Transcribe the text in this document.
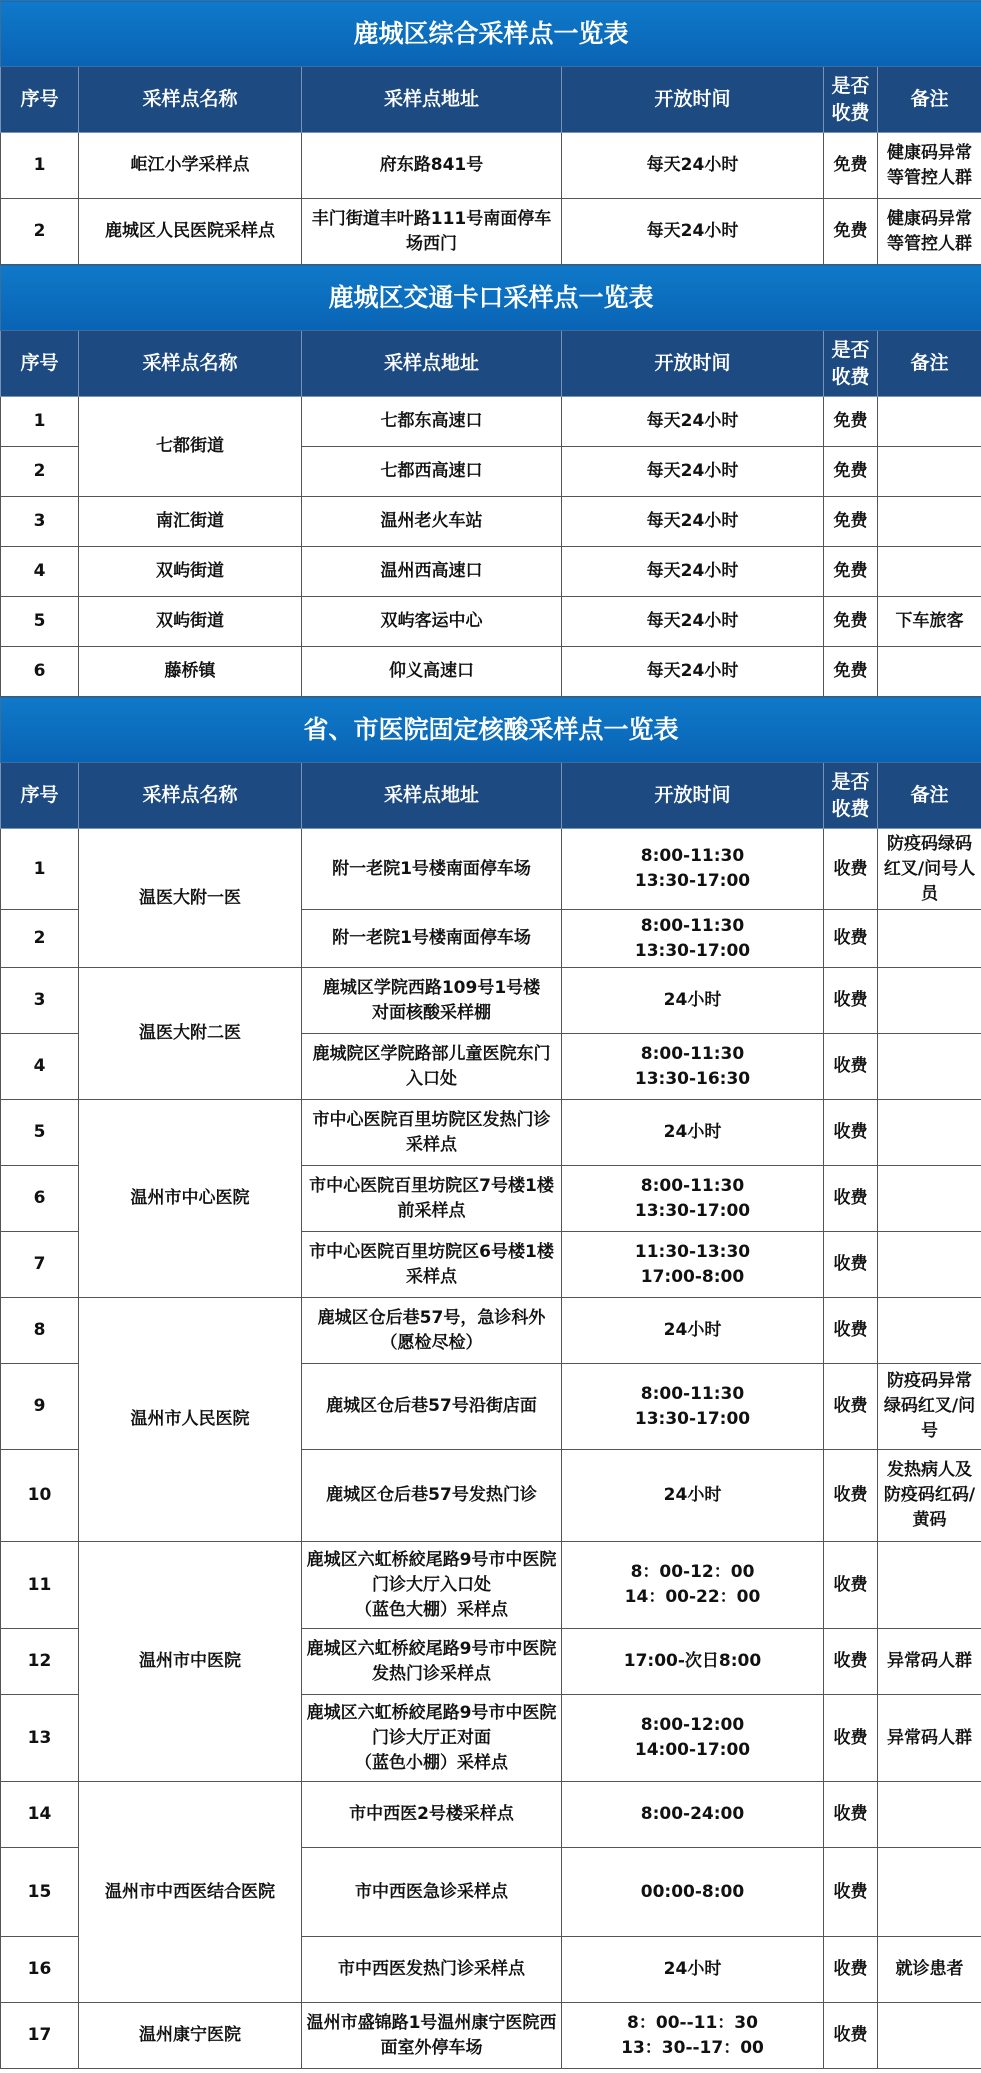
鹿城区综合采样点一览表					
序号	采样点名称	采样点地址	开放时间	是否收费	备注
1	岠江小学采样点	府东路841号	每天24小时	免费	健康码异常等管控人群
2	鹿城区人民医院采样点	丰门街道丰叶路111号南面停车场西门	每天24小时	免费	健康码异常等管控人群
鹿城区交通卡口采样点一览表					
序号	采样点名称	采样点地址	开放时间	是否收费	备注
1	七都街道	七都东高速口	每天24小时	免费	
2		七都西高速口	每天24小时	免费	
3	南汇街道	温州老火车站	每天24小时	免费	
4	双屿街道	温州西高速口	每天24小时	免费	
5	双屿街道	双屿客运中心	每天24小时	免费	下车旅客
6	藤桥镇	仰义高速口	每天24小时	免费	
省、市医院固定核酸采样点一览表					
序号	采样点名称	采样点地址	开放时间	是否收费	备注
1	温医大附一医	附一老院1号楼南面停车场	8:00-11:30
13:30-17:00	收费	防疫码绿码
红叉/问号人员
2		附一老院1号楼南面停车场	8:00-11:30
13:30-17:00	收费	
3	温医大附二医	鹿城区学院西路109号1号楼
对面核酸采样棚	24小时	收费	
4		鹿城院区学院路部儿童医院东门
入口处	8:00-11:30
13:30-16:30	收费	
5	温州市中心医院	市中心医院百里坊院区发热门诊
采样点	24小时	收费	
6		市中心医院百里坊院区7号楼1楼
前采样点	8:00-11:30
13:30-17:00	收费	
7		市中心医院百里坊院区6号楼1楼
采样点	11:30-13:30
17:00-8:00	收费	
8	温州市人民医院	鹿城区仓后巷57号，急诊科外
（愿检尽检）	24小时	收费	
9		鹿城区仓后巷57号沿街店面	8:00-11:30
13:30-17:00	收费	防疫码异常
绿码红叉/问号
10		鹿城区仓后巷57号发热门诊	24小时	收费	发热病人及
防疫码红码/
黄码
11	温州市中医院	鹿城区六虹桥絞尾路9号市中医院
门诊大厅入口处
（蓝色大棚）采样点	8：00-12：00
14：00-22：00	收费	
12		鹿城区六虹桥絞尾路9号市中医院
发热门诊采样点	17:00-次日8:00	收费	异常码人群
13		鹿城区六虹桥絞尾路9号市中医院
门诊大厅正对面
（蓝色小棚）采样点	8:00-12:00
14:00-17:00	收费	异常码人群
14	温州市中西医结合医院	市中西医2号楼采样点	8:00-24:00	收费	
15		市中西医急诊采样点	00:00-8:00	收费	
16		市中西医发热门诊采样点	24小时	收费	就诊患者
17	温州康宁医院	温州市盛锦路1号温州康宁医院西
面室外停车场	8：00--11：30
13：30--17：00	收费	
